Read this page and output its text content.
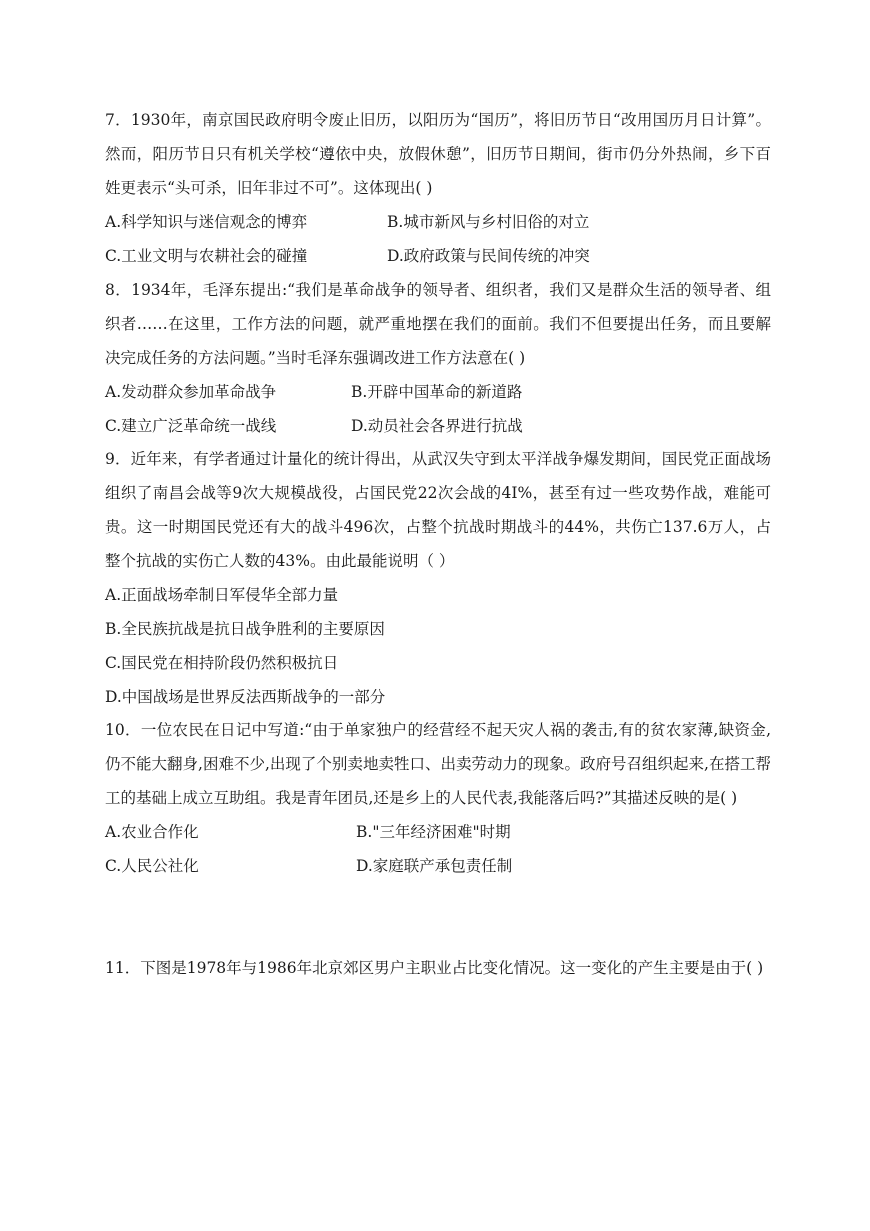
7．1930年，南京国民政府明令废止旧历，以阳历为“国历”，将旧历节日“改用国历月日计算”。然而，阳历节日只有机关学校“遵依中央，放假休憩”，旧历节日期间，街市仍分外热闹，乡下百姓更表示“头可杀，旧年非过不可”。这体现出( )

A.科学知识与迷信观念的博弈	B.城市新风与乡村旧俗的对立
C.工业文明与农耕社会的碰撞	D.政府政策与民间传统的冲突

8．1934年，毛泽东提出:“我们是革命战争的领导者、组织者，我们又是群众生活的领导者、组织者……在这里，工作方法的问题，就严重地摆在我们的面前。我们不但要提出任务，而且要解决完成任务的方法问题。”当时毛泽东强调改进工作方法意在( )

A.发动群众参加革命战争	B.开辟中国革命的新道路
C.建立广泛革命统一战线	D.动员社会各界进行抗战

9．近年来，有学者通过计量化的统计得出，从武汉失守到太平洋战争爆发期间，国民党正面战场组织了南昌会战等9次大规模战役，占国民党22次会战的4I%，甚至有过一些攻势作战，难能可贵。这一时期国民党还有大的战斗496次，占整个抗战时期战斗的44%，共伤亡137.6万人，占整个抗战的实伤亡人数的43%。由此最能说明（ ）

A.正面战场牵制日军侵华全部力量

B.全民族抗战是抗日战争胜利的主要原因

C.国民党在相持阶段仍然积极抗日

D.中国战场是世界反法西斯战争的一部分

10．一位农民在日记中写道:“由于单家独户的经营经不起天灾人祸的袭击,有的贫农家薄,缺资金,仍不能大翻身,困难不少,出现了个别卖地卖牲口、出卖劳动力的现象。政府号召组织起来,在搭工帮工的基础上成立互助组。我是青年团员,还是乡上的人民代表,我能落后吗?”其描述反映的是( )

A.农业合作化	B."三年经济困难"时期
C.人民公社化	D.家庭联产承包责任制

11．下图是1978年与1986年北京郊区男户主职业占比变化情况。这一变化的产生主要是由于( )
